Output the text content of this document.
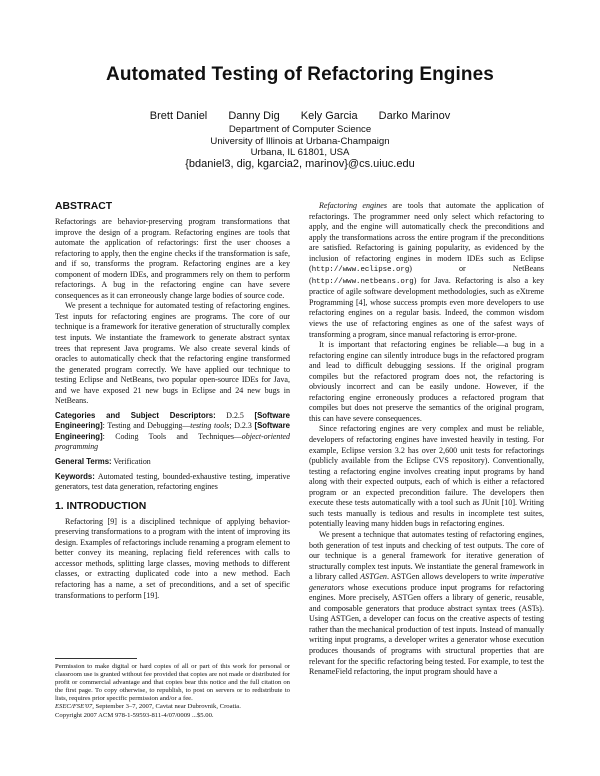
Automated Testing of Refactoring Engines
Brett Daniel Danny Dig Kely Garcia Darko Marinov
Department of Computer Science
University of Illinois at Urbana-Champaign
Urbana, IL 61801, USA
{bdaniel3, dig, kgarcia2, marinov}@cs.uiuc.edu
ABSTRACT

Refactorings are behavior-preserving program transformations that improve the design of a program. Refactoring engines are tools that automate the application of refactorings: first the user chooses a refactoring to apply, then the engine checks if the transformation is safe, and if so, transforms the program. Refactoring engines are a key component of modern IDEs, and programmers rely on them to perform refactorings. A bug in the refactoring engine can have severe consequences as it can erroneously change large bodies of source code.

We present a technique for automated testing of refactoring engines. Test inputs for refactoring engines are programs. The core of our technique is a framework for iterative generation of structurally complex test inputs. We instantiate the framework to generate abstract syntax trees that represent Java programs. We also create several kinds of oracles to automatically check that the refactoring engine transformed the generated program correctly. We have applied our technique to testing Eclipse and NetBeans, two popular open-source IDEs for Java, and we have exposed 21 new bugs in Eclipse and 24 new bugs in NetBeans.

Categories and Subject Descriptors: D.2.5 [Software Engineering]: Testing and Debugging—testing tools; D.2.3 [Software Engineering]: Coding Tools and Techniques—object-oriented programming

General Terms: Verification

Keywords: Automated testing, bounded-exhaustive testing, imperative generators, test data generation, refactoring engines

1. INTRODUCTION

Refactoring [9] is a disciplined technique of applying behavior-preserving transformations to a program with the intent of improving its design. Examples of refactorings include renaming a program element to better convey its meaning, replacing field references with calls to accessor methods, splitting large classes, moving methods to different classes, or extracting duplicated code into a new method. Each refactoring has a name, a set of preconditions, and a set of specific transformations to perform [19].

Permission to make digital or hard copies of all or part of this work for personal or classroom use is granted without fee provided that copies are not made or distributed for profit or commercial advantage and that copies bear this notice and the full citation on the first page. To copy otherwise, to republish, to post on servers or to redistribute to lists, requires prior specific permission and/or a fee.
ESEC/FSE'07, September 3–7, 2007, Cavtat near Dubrovnik, Croatia.
Copyright 2007 ACM 978-1-59593-811-4/07/0009 ...$5.00.

Refactoring engines are tools that automate the application of refactorings. The programmer need only select which refactoring to apply, and the engine will automatically check the preconditions and apply the transformations across the entire program if the preconditions are satisfied. Refactoring is gaining popularity, as evidenced by the inclusion of refactoring engines in modern IDEs such as Eclipse (http://www.eclipse.org) or NetBeans (http://www.netbeans.org) for Java. Refactoring is also a key practice of agile software development methodologies, such as eXtreme Programming [4], whose success prompts even more developers to use refactoring engines on a regular basis. Indeed, the common wisdom views the use of refactoring engines as one of the safest ways of transforming a program, since manual refactoring is error-prone.

It is important that refactoring engines be reliable—a bug in a refactoring engine can silently introduce bugs in the refactored program and lead to difficult debugging sessions. If the original program compiles but the refactored program does not, the refactoring is obviously incorrect and can be easily undone. However, if the refactoring engine erroneously produces a refactored program that compiles but does not preserve the semantics of the original program, this can have severe consequences.

Since refactoring engines are very complex and must be reliable, developers of refactoring engines have invested heavily in testing. For example, Eclipse version 3.2 has over 2,600 unit tests for refactorings (publicly available from the Eclipse CVS repository). Conventionally, testing a refactoring engine involves creating input programs by hand along with their expected outputs, each of which is either a refactored program or an expected precondition failure. The developers then execute these tests automatically with a tool such as JUnit [10]. Writing such tests manually is tedious and results in incomplete test suites, potentially leaving many hidden bugs in refactoring engines.

We present a technique that automates testing of refactoring engines, both generation of test inputs and checking of test outputs. The core of our technique is a general framework for iterative generation of structurally complex test inputs. We instantiate the general framework in a library called ASTGen. ASTGen allows developers to write imperative generators whose executions produce input programs for refactoring engines. More precisely, ASTGen offers a library of generic, reusable, and composable generators that produce abstract syntax trees (ASTs). Using ASTGen, a developer can focus on the creative aspects of testing rather than the mechanical production of test inputs. Instead of manually writing input programs, a developer writes a generator whose execution produces thousands of programs with structural properties that are relevant for the specific refactoring being tested. For example, to test the RenameField refactoring, the input program should have a
